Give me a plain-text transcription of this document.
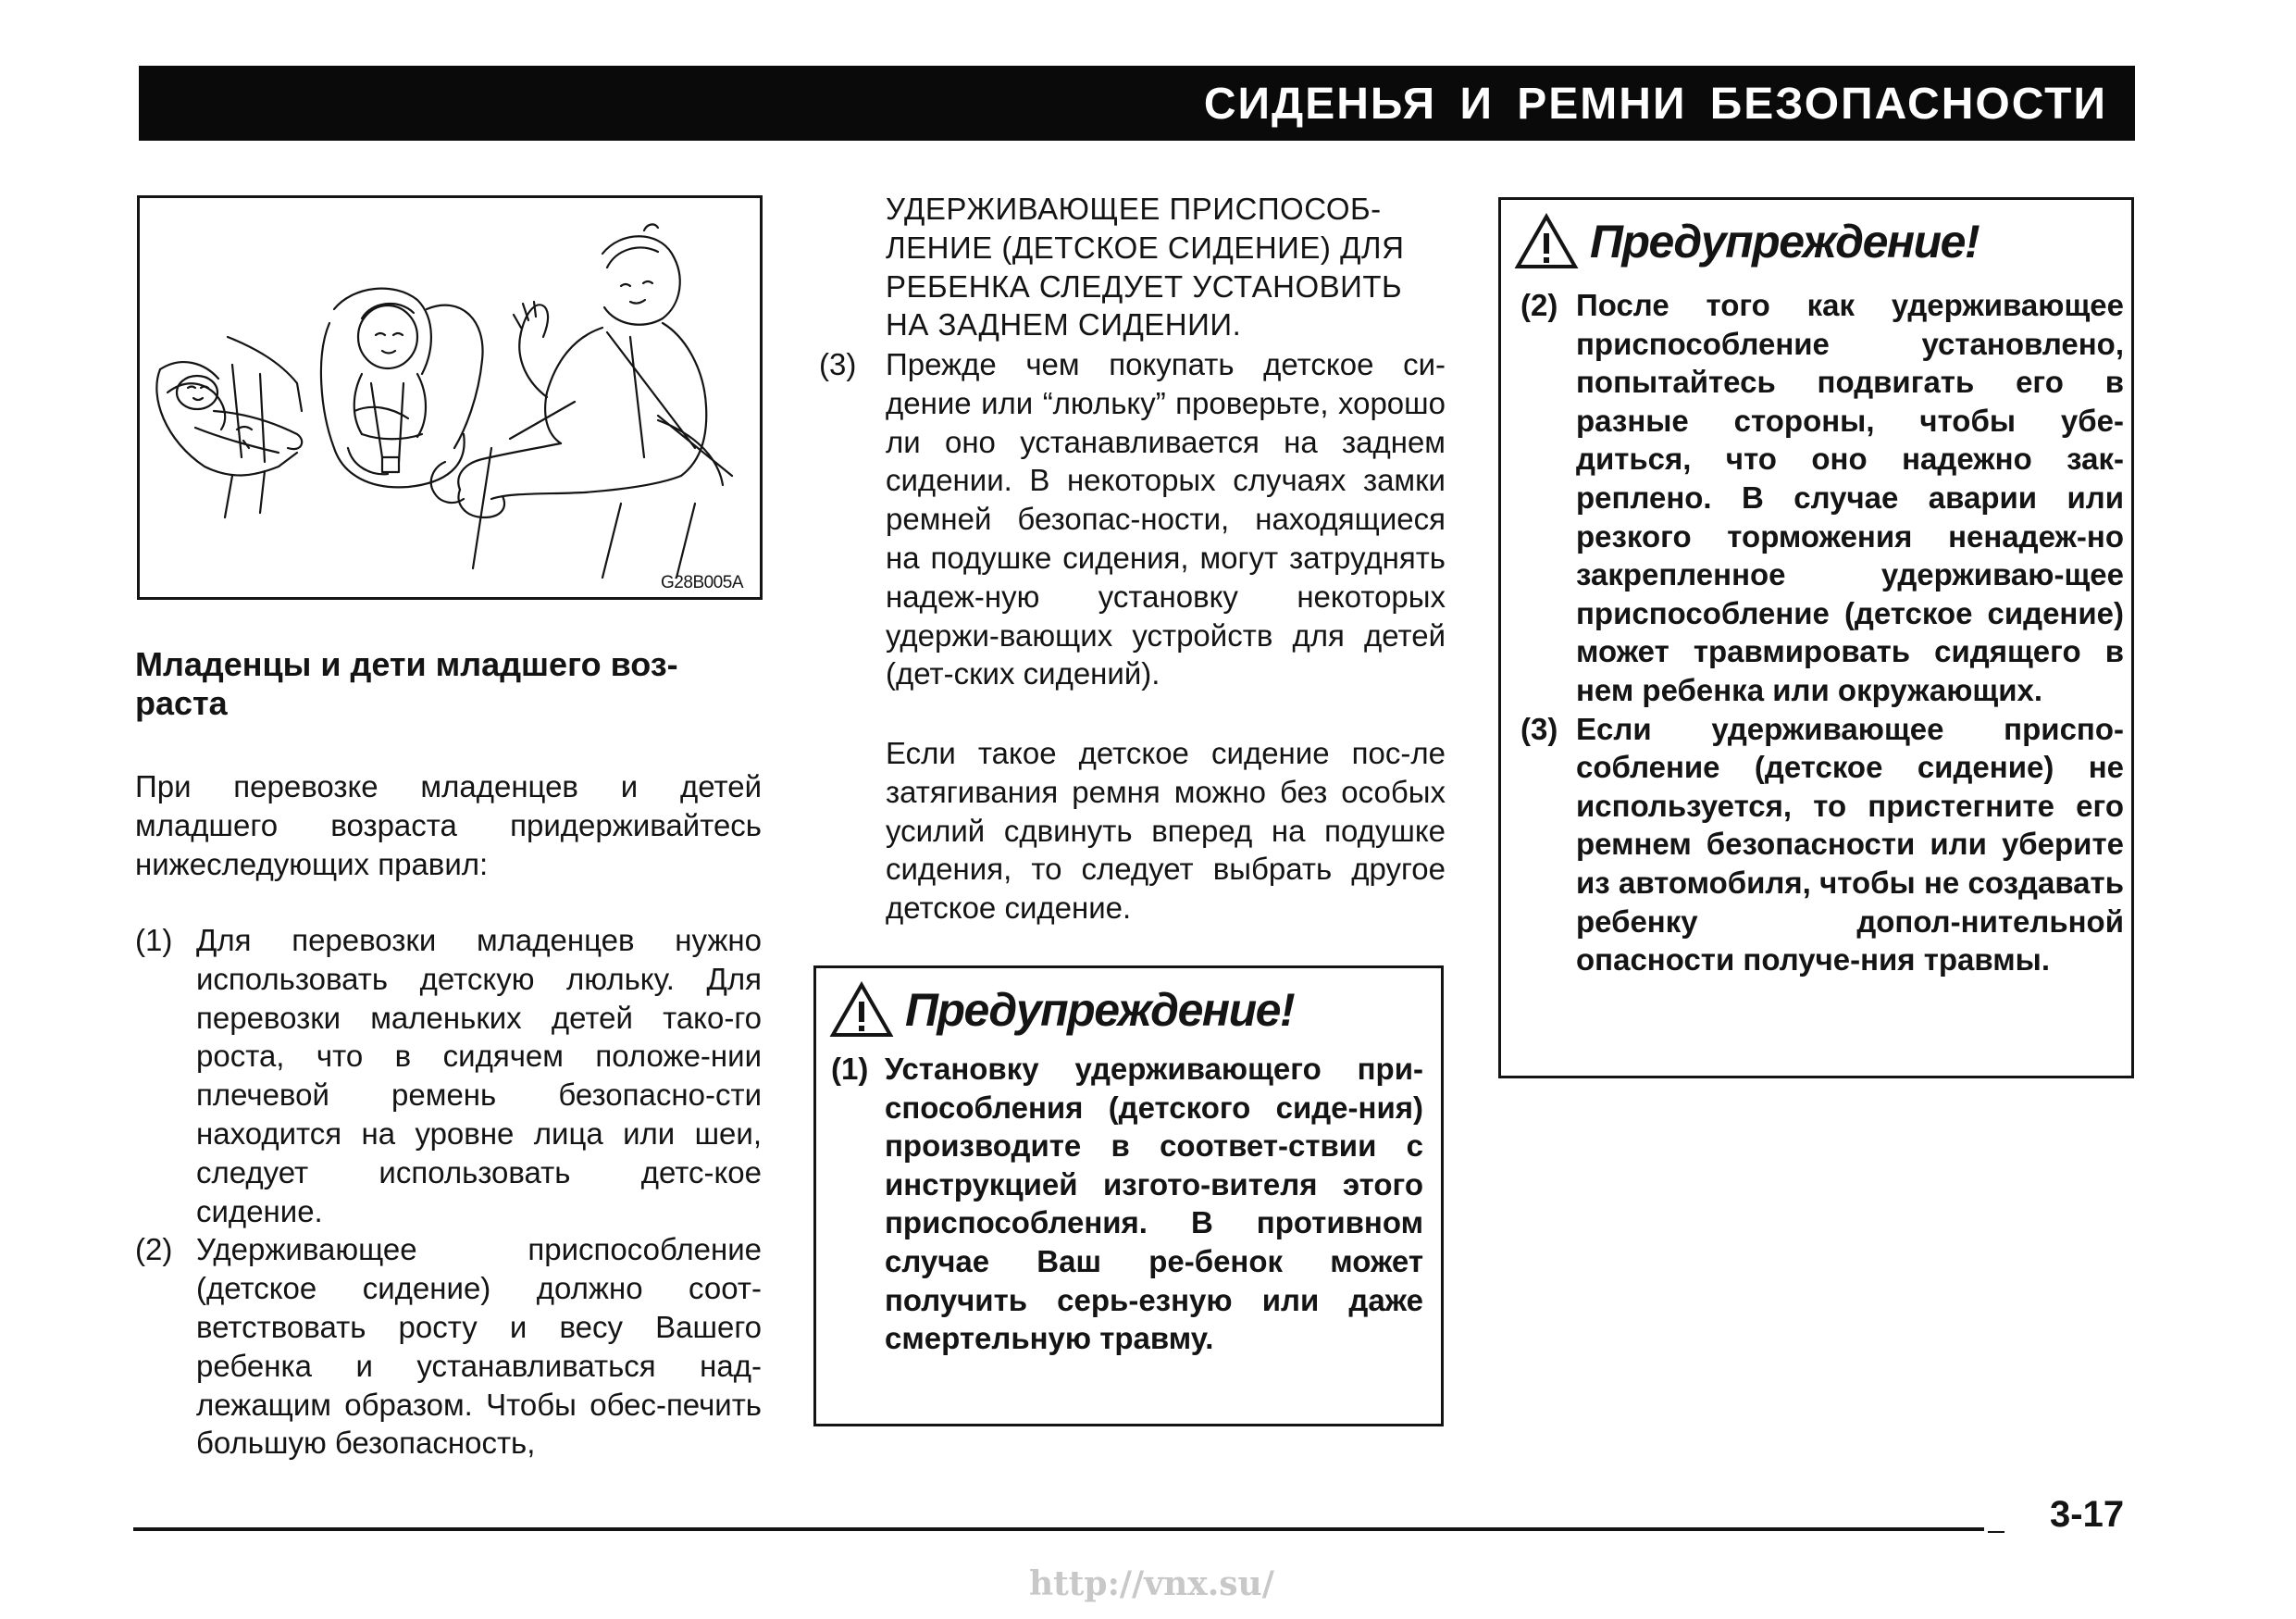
СИДЕНЬЯ И РЕМНИ БЕЗОПАСНОСТИ
G28B005A
Младенцы и дети младшего воз-раста

При перевозке младенцев и детей младшего возраста придерживайтесь нижеследующих правил:

(1) Для перевозки младенцев нужно использовать детскую люльку. Для перевозки маленьких детей тако-го роста, что в сидячем положе-нии плечевой ремень безопасно-сти находится на уровне лица или шеи, следует использовать детс-кое сидение.
(2) Удерживающее приспособление (детское сидение) должно соот-ветствовать росту и весу Вашего ребенка и устанавливаться над-лежащим образом. Чтобы обес-печить большую безопасность,
УДЕРЖИВАЮЩЕЕ ПРИСПОСОБ-
ЛЕНИЕ (ДЕТСКОЕ СИДЕНИЕ) ДЛЯ
РЕБЕНКА СЛЕДУЕТ УСТАНОВИТЬ
НА ЗАДНЕМ СИДЕНИИ.
(3) Прежде чем покупать детское си-дение или “люльку” проверьте, хорошо ли оно устанавливается на заднем сидении. В некоторых случаях замки ремней безопас-ности, находящиеся на подушке сидения, могут затруднять надеж-ную установку некоторых удержи-вающих устройств для детей (дет-ских сидений).

Если такое детское сидение пос-ле затягивания ремня можно без особых усилий сдвинуть вперед на подушке сидения, то следует выбрать другое детское сидение.

Предупреждение!

(1) Установку удерживающего при-способления (детского сиде-ния) производите в соответ-ствии с инструкцией изгото-вителя этого приспособления. В противном случае Ваш ре-бенок может получить серь-езную или даже смертельную травму.

Предупреждение!

(2) После того как удерживающее приспособление установлено, попытайтесь подвигать его в разные стороны, чтобы убе-диться, что оно надежно зак-реплено. В случае аварии или резкого торможения ненадеж-но закрепленное удерживаю-щее приспособление (детское сидение) может травмировать сидящего в нем ребенка или окружающих.

(3) Если удерживающее приспо-собление (детское сидение) не используется, то пристегните его ремнем безопасности или уберите из автомобиля, чтобы не создавать ребенку допол-нительной опасности получе-ния травмы.

3-17
http://vnx.su/
